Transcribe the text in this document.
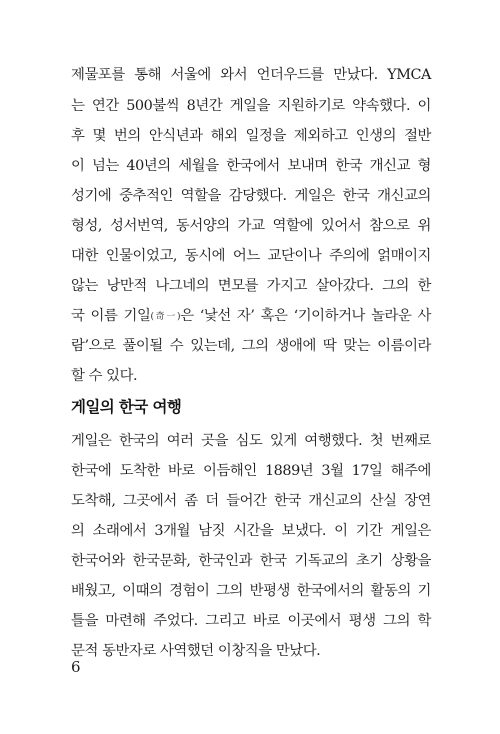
제물포를 통해 서울에 와서 언더우드를 만났다. YMCA
는 연간 500불씩 8년간 게일을 지원하기로 약속했다. 이
후 몇 번의 안식년과 해외 일정을 제외하고 인생의 절반
이 넘는 40년의 세월을 한국에서 보내며 한국 개신교 형
성기에 중추적인 역할을 감당했다. 게일은 한국 개신교의
형성, 성서번역, 동서양의 가교 역할에 있어서 참으로 위
대한 인물이었고, 동시에 어느 교단이나 주의에 얽매이지
않는 낭만적 나그네의 면모를 가지고 살아갔다. 그의 한
국 이름 기일(奇一)은 ‘낯선 자’ 혹은 ‘기이하거나 놀라운 사
람’으로 풀이될 수 있는데, 그의 생애에 딱 맞는 이름이라
할 수 있다.
게일의 한국 여행
게일은 한국의 여러 곳을 심도 있게 여행했다. 첫 번째로
한국에 도착한 바로 이듬해인 1889년 3월 17일 해주에
도착해, 그곳에서 좀 더 들어간 한국 개신교의 산실 장연
의 소래에서 3개월 남짓 시간을 보냈다. 이 기간 게일은
한국어와 한국문화, 한국인과 한국 기독교의 초기 상황을
배웠고, 이때의 경험이 그의 반평생 한국에서의 활동의 기
틀을 마련해 주었다. 그리고 바로 이곳에서 평생 그의 학
문적 동반자로 사역했던 이창직을 만났다.
6
